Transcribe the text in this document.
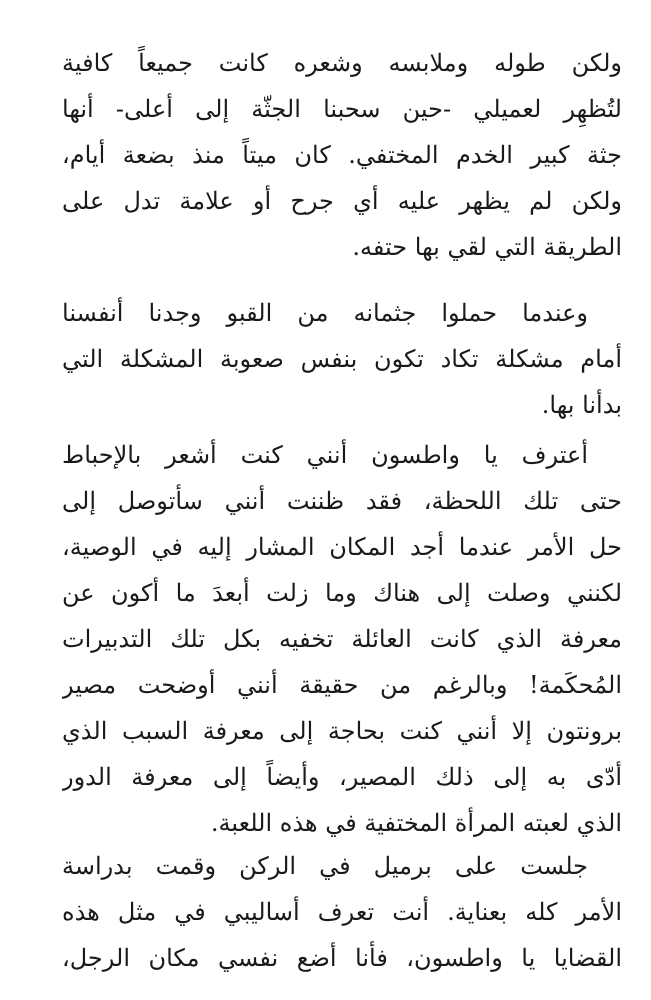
ولكن طوله وملابسه وشعره كانت جميعاً كافية
لتُظهِر لعميلي -حين سحبنا الجثّة إلى أعلى- أنها
جثة كبير الخدم المختفي. كان ميتاً منذ بضعة أيام،
ولكن لم يظهر عليه أي جرح أو علامة تدل على
الطريقة التي لقي بها حتفه.
وعندما حملوا جثمانه من القبو وجدنا أنفسنا
أمام مشكلة تكاد تكون بنفس صعوبة المشكلة التي
بدأنا بها.
أعترف يا واطسون أنني كنت أشعر بالإحباط
حتى تلك اللحظة، فقد ظننت أنني سأتوصل إلى
حل الأمر عندما أجد المكان المشار إليه في الوصية،
لكنني وصلت إلى هناك وما زلت أبعدَ ما أكون عن
معرفة الذي كانت العائلة تخفيه بكل تلك التدبيرات
المُحكَمة! وبالرغم من حقيقة أنني أوضحت مصير
برونتون إلا أنني كنت بحاجة إلى معرفة السبب الذي
أدّى به إلى ذلك المصير، وأيضاً إلى معرفة الدور
الذي لعبته المرأة المختفية في هذه اللعبة.
جلست على برميل في الركن وقمت بدراسة
الأمر كله بعناية. أنت تعرف أساليبي في مثل هذه
القضايا يا واطسون، فأنا أضع نفسي مكان الرجل،
